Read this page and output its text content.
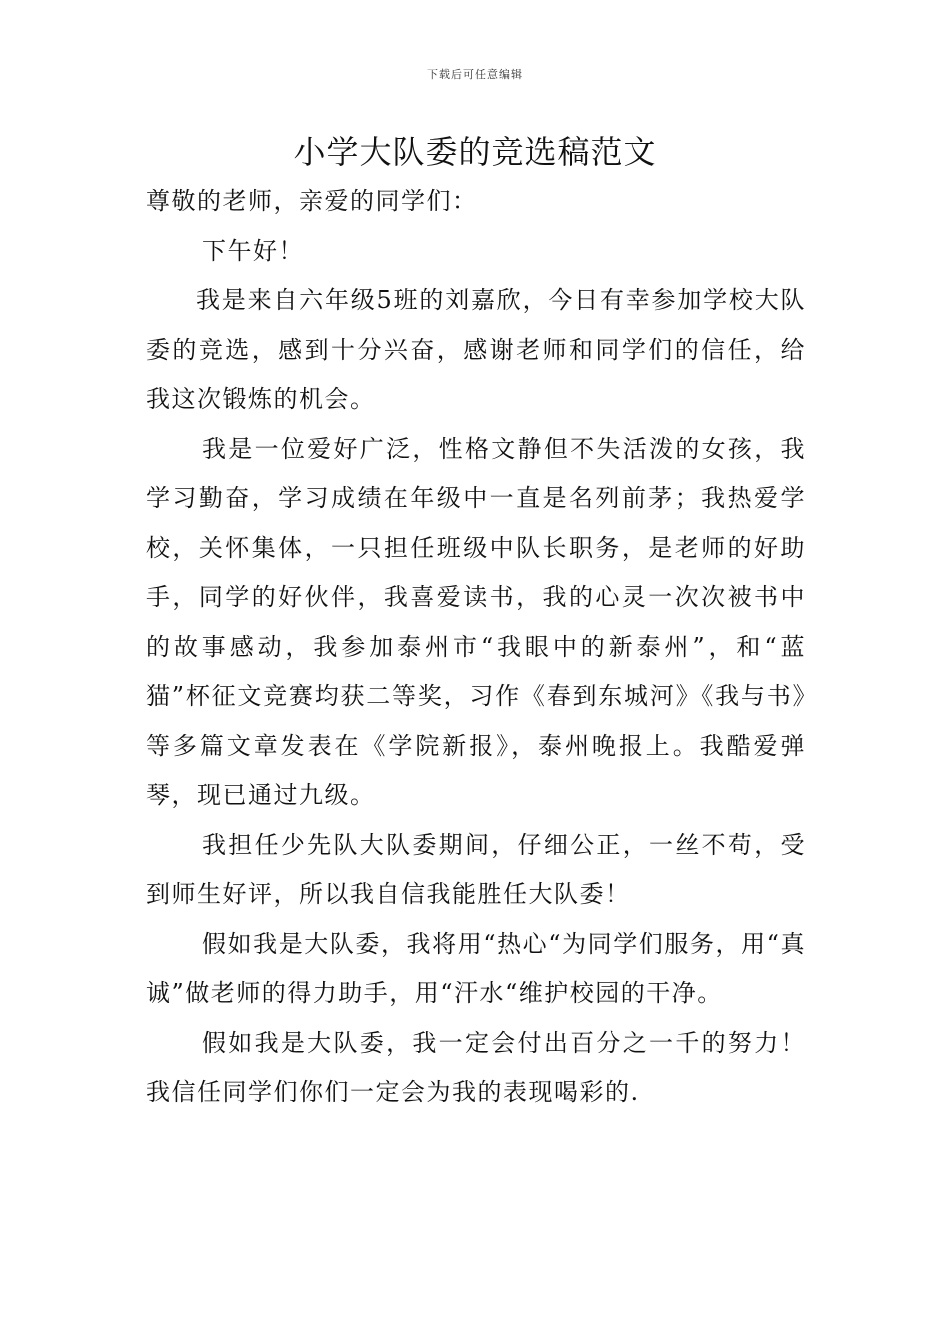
下载后可任意编辑
小学大队委的竞选稿范文

尊敬的老师，亲爱的同学们：

下午好！

我是来自六年级5班的刘嘉欣，今日有幸参加学校大队委的竞选，感到十分兴奋，感谢老师和同学们的信任，给我这次锻炼的机会。

我是一位爱好广泛，性格文静但不失活泼的女孩，我学习勤奋，学习成绩在年级中一直是名列前茅；我热爱学校，关怀集体，一只担任班级中队长职务，是老师的好助手，同学的好伙伴，我喜爱读书，我的心灵一次次被书中的故事感动，我参加泰州市“我眼中的新泰州”，和“蓝猫”杯征文竞赛均获二等奖，习作《春到东城河》《我与书》等多篇文章发表在《学院新报》，泰州晚报上。我酷爱弹琴，现已通过九级。

我担任少先队大队委期间，仔细公正，一丝不苟，受到师生好评，所以我自信我能胜任大队委！

假如我是大队委，我将用“热心“为同学们服务，用“真诚”做老师的得力助手，用“汗水“维护校园的干净。

假如我是大队委，我一定会付出百分之一千的努力！我信任同学们你们一定会为我的表现喝彩的.
